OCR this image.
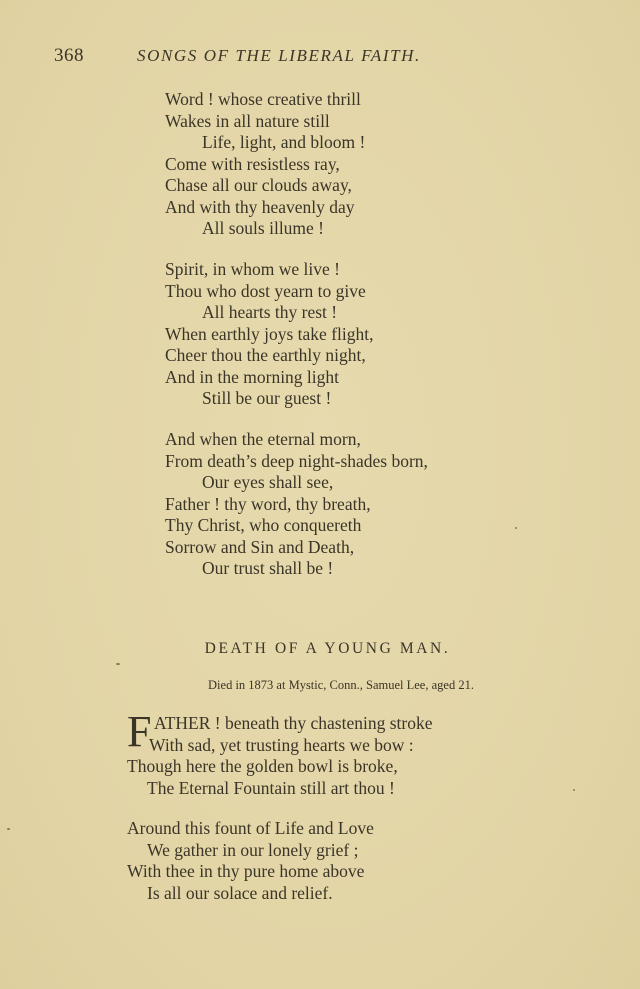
368	SONGS OF THE LIBERAL FAITH.
Word ! whose creative thrill
Wakes in all nature still
Life, light, and bloom !
Come with resistless ray,
Chase all our clouds away,
And with thy heavenly day
All souls illume !
Spirit, in whom we live !
Thou who dost yearn to give
All hearts thy rest !
When earthly joys take flight,
Cheer thou the earthly night,
And in the morning light
Still be our guest !
And when the eternal morn,
From death’s deep night-shades born,
Our eyes shall see,
Father ! thy word, thy breath,
Thy Christ, who conquereth
Sorrow and Sin and Death,
Our trust shall be !
DEATH OF A YOUNG MAN.
Died in 1873 at Mystic, Conn., Samuel Lee, aged 21.
F ATHER ! beneath thy chastening stroke
With sad, yet trusting hearts we bow :
Though here the golden bowl is broke,
The Eternal Fountain still art thou !
Around this fount of Life and Love
We gather in our lonely grief ;
With thee in thy pure home above
Is all our solace and relief.
